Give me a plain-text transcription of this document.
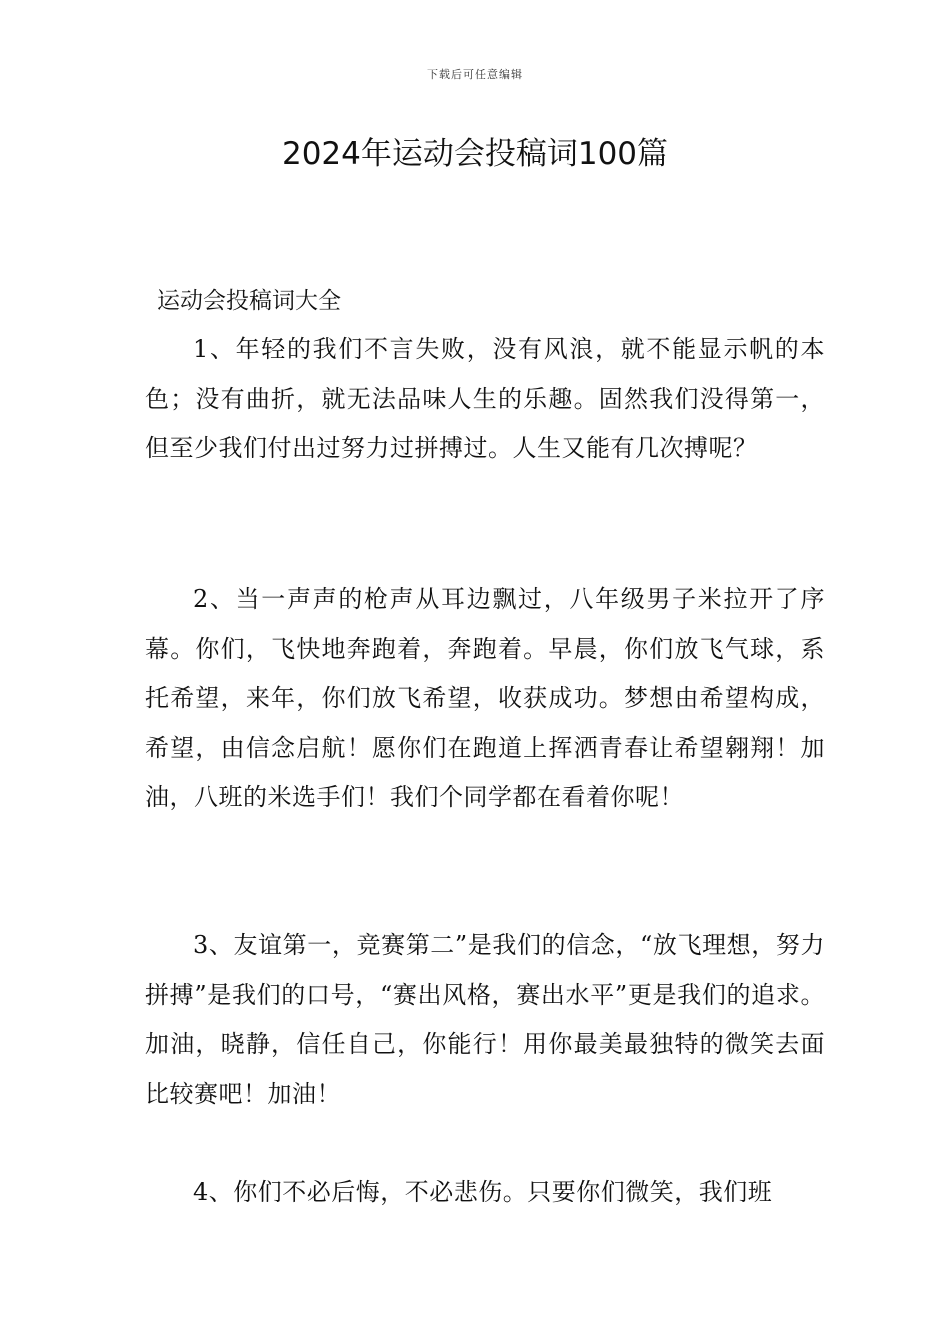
下载后可任意编辑
2024年运动会投稿词100篇
运动会投稿词大全

1、年轻的我们不言失败，没有风浪，就不能显示帆的本色；没有曲折，就无法品味人生的乐趣。固然我们没得第一，但至少我们付出过努力过拼搏过。人生又能有几次搏呢？

2、当一声声的枪声从耳边飘过，八年级男子米拉开了序幕。你们，飞快地奔跑着，奔跑着。早晨，你们放飞气球，系托希望，来年，你们放飞希望，收获成功。梦想由希望构成，希望，由信念启航！愿你们在跑道上挥洒青春让希望翱翔！加油，八班的米选手们！我们个同学都在看着你呢！

3、友谊第一，竞赛第二”是我们的信念，“放飞理想，努力拼搏”是我们的口号，“赛出风格，赛出水平”更是我们的追求。加油，晓静，信任自己，你能行！用你最美最独特的微笑去面比较赛吧！加油！

4、你们不必后悔，不必悲伤。只要你们微笑，我们班
